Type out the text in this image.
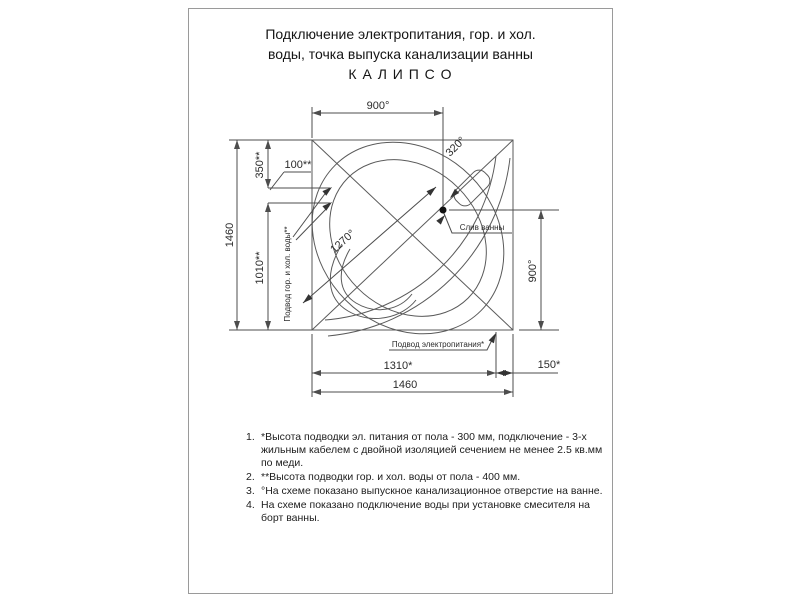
Подключение электропитания, гор. и хол.
воды, точка выпуска канализации ванны
К А Л И П С О
900°
320°
1270°
1460
350** 100**
1010**	900°
1310*	150*
1460
Подвод гор. и хол. воды**	Слив ванны
Подвод электропитания*
1. *Высота подводки эл. питания от пола - 300 мм, подключение - 3-х жильным кабелем с двойной изоляцией сечением не менее 2.5 кв.мм по меди.
2. **Высота подводки гор. и хол. воды от пола - 400 мм.
3. °На схеме показано выпускное канализационное отверстие на ванне.
4. На схеме показано подключение воды при установке смесителя на борт ванны.
